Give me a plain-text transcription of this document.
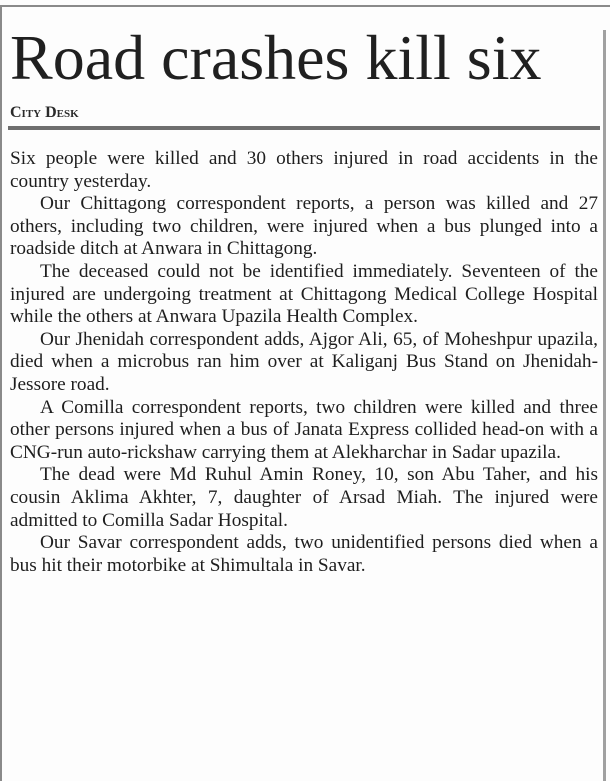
Road crashes kill six
City Desk

Six people were killed and 30 others injured in road accidents in the country yesterday.

Our Chittagong correspondent reports, a person was killed and 27 others, including two children, were injured when a bus plunged into a roadside ditch at Anwara in Chittagong.

The deceased could not be identified immediately. Seventeen of the injured are undergoing treatment at Chittagong Medical College Hospital while the others at Anwara Upazila Health Complex.

Our Jhenidah correspondent adds, Ajgor Ali, 65, of Moheshpur upazila, died when a microbus ran him over at Kaliganj Bus Stand on Jhenidah-Jessore road.

A Comilla correspondent reports, two children were killed and three other persons injured when a bus of Janata Express collided head-on with a CNG-run auto-rickshaw carrying them at Alekharchar in Sadar upazila.

The dead were Md Ruhul Amin Roney, 10, son Abu Taher, and his cousin Aklima Akhter, 7, daughter of Arsad Miah. The injured were admitted to Comilla Sadar Hospital.

Our Savar correspondent adds, two unidentified persons died when a bus hit their motorbike at Shimultala in Savar.
